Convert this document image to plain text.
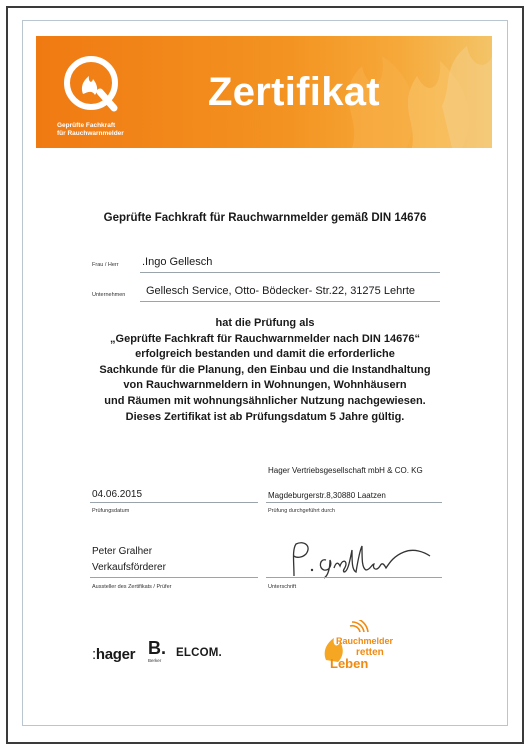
Geprüfte Fachkraft
für Rauchwarnmelder
Zertifikat
Geprüfte Fachkraft für Rauchwarnmelder gemäß DIN 14676
Frau / Herr .Ingo Gellesch
Unternehmen Gellesch Service, Otto- Bödecker- Str.22, 31275 Lehrte
hat die Prüfung als
„Geprüfte Fachkraft für Rauchwarnmelder nach DIN 14676“
erfolgreich bestanden und damit die erforderliche
Sachkunde für die Planung, den Einbau und die Instandhaltung
von Rauchwarnmeldern in Wohnungen, Wohnhäusern
und Räumen mit wohnungsähnlicher Nutzung nachgewiesen.
Dieses Zertifikat ist ab Prüfungsdatum 5 Jahre gültig.
Hager Vertriebsgesellschaft mbH & CO. KG
04.06.2015
Prüfungsdatum
Magdeburgerstr.8,30880 Laatzen
Prüfung durchgeführt durch
Peter Gralher
Verkaufsförderer
Aussteller des Zertifikats / Prüfer	Unterschrift
:hager B.
Berker
ELCOM.
Rauchmelder
retten
Leben
